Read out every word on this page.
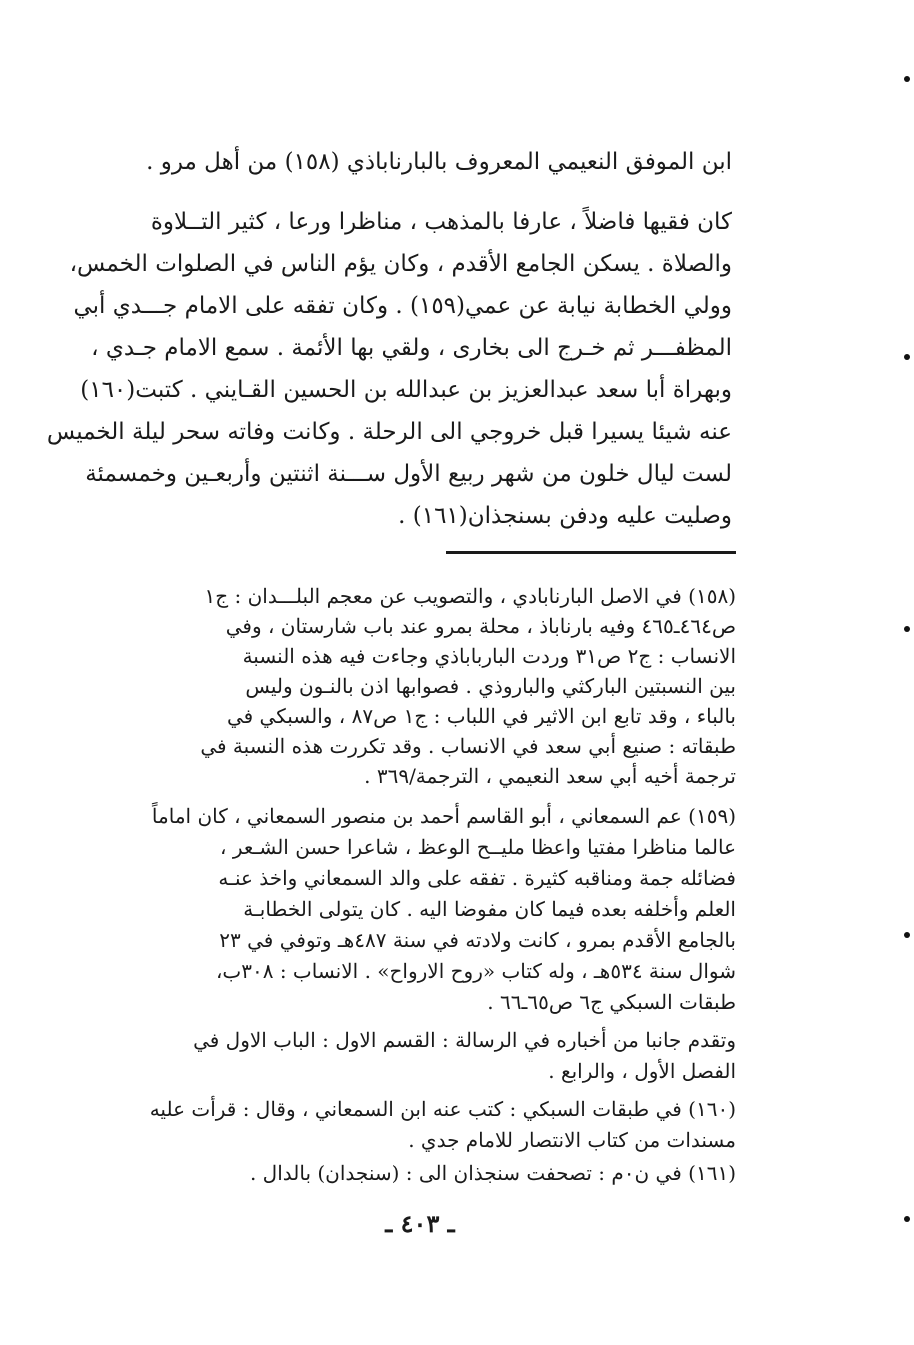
ابن الموفق النعيمي المعروف بالبارناباذي (١٥٨) من أهل مرو .
كان فقيها فاضلاً ، عارفا بالمذهب ، مناظرا ورعا ، كثير التــلاوة
والصلاة . يسكن الجامع الأقدم ، وكان يؤم الناس في الصلوات الخمس،
وولي الخطابة نيابة عن عمي(١٥٩) . وكان تفقه على الامام جـــدي أبي
المظفـــر ثم خـرج الى بخارى ، ولقي بها الأئمة . سمع الامام جـدي ،
وبهراة أبا سعد عبدالعزيز بن عبدالله بن الحسين القـايني . كتبت(١٦٠)
عنه شيئا يسيرا قبل خروجي الى الرحلة . وكانت وفاته سحر ليلة الخميس
لست ليال خلون من شهر ربيع الأول ســـنة اثنتين وأربعـين وخمسمئة
وصليت عليه ودفن بسنجذان(١٦١) .
(١٥٨) في الاصل البارنابادي ، والتصويب عن معجم البلـــدان : ج١
ص٤٦٤ـ٤٦٥ وفيه بارناباذ ، محلة بمرو عند باب شارستان ، وفي
الانساب : ج٢ ص٣١ وردت البارباباذي وجاءت فيه هذه النسبة
بين النسبتين الباركثي والباروذي . فصوابها اذن بالنـون وليس
بالباء ، وقد تابع ابن الاثير في اللباب : ج١ ص٨٧ ، والسبكي في
طبقاته : صنيع أبي سعد في الانساب . وقد تكررت هذه النسبة في
ترجمة أخيه أبي سعد النعيمي ، الترجمة/٣٦٩ .
(١٥٩) عم السمعاني ، أبو القاسم أحمد بن منصور السمعاني ، كان اماماً
عالما مناظرا مفتيا واعظا مليــح الوعظ ، شاعرا حسن الشـعر ،
فضائله جمة ومناقبه كثيرة . تفقه على والد السمعاني واخذ عنـه
العلم وأخلفه بعده فيما كان مفوضا اليه . كان يتولى الخطابـة
بالجامع الأقدم بمرو ، كانت ولادته في سنة ٤٨٧هـ وتوفي في ٢٣
شوال سنة ٥٣٤هـ ، وله كتاب «روح الارواح» . الانساب : ٣٠٨ب،
طبقات السبكي ج٦ ص٦٥ـ٦٦ .
وتقدم جانبا من أخباره في الرسالة : القسم الاول : الباب الاول في
الفصل الأول ، والرابع .
(١٦٠) في طبقات السبكي : كتب عنه ابن السمعاني ، وقال : قرأت عليه
مسندات من كتاب الانتصار للامام جدي .
(١٦١) في ن٠م : تصحفت سنجذان الى : (سنجدان) بالدال .
ـ ٤٠٣ ـ
